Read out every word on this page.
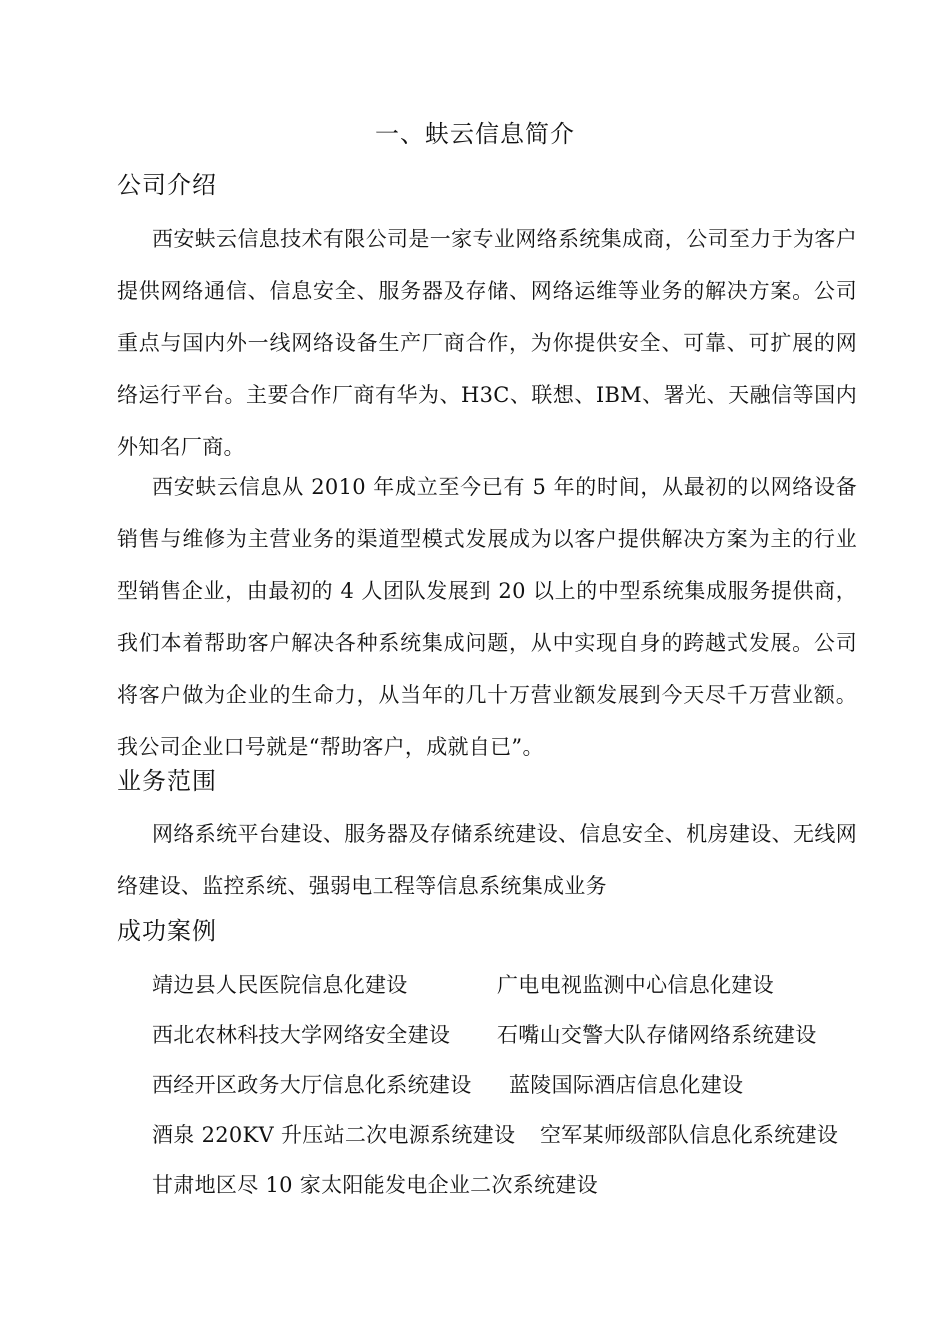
一、蚨云信息简介
公司介绍

西安蚨云信息技术有限公司是一家专业网络系统集成商，公司至力于为客户提供网络通信、信息安全、服务器及存储、网络运维等业务的解决方案。公司重点与国内外一线网络设备生产厂商合作，为你提供安全、可靠、可扩展的网络运行平台。主要合作厂商有华为、H3C、联想、IBM、署光、天融信等国内外知名厂商。

西安蚨云信息从 2010 年成立至今已有 5 年的时间，从最初的以网络设备销售与维修为主营业务的渠道型模式发展成为以客户提供解决方案为主的行业型销售企业，由最初的 4 人团队发展到 20 以上的中型系统集成服务提供商，我们本着帮助客户解决各种系统集成问题，从中实现自身的跨越式发展。公司将客户做为企业的生命力，从当年的几十万营业额发展到今天尽千万营业额。我公司企业口号就是“帮助客户，成就自已”。

业务范围

网络系统平台建设、服务器及存储系统建设、信息安全、机房建设、无线网络建设、监控系统、强弱电工程等信息系统集成业务

成功案例
靖边县人民医院信息化建设	广电电视监测中心信息化建设
西北农林科技大学网络安全建设 石嘴山交警大队存储网络系统建设
西经开区政务大厅信息化系统建设 蓝陵国际酒店信息化建设
酒泉 220KV 升压站二次电源系统建设 空军某师级部队信息化系统建设
甘肃地区尽 10 家太阳能发电企业二次系统建设
